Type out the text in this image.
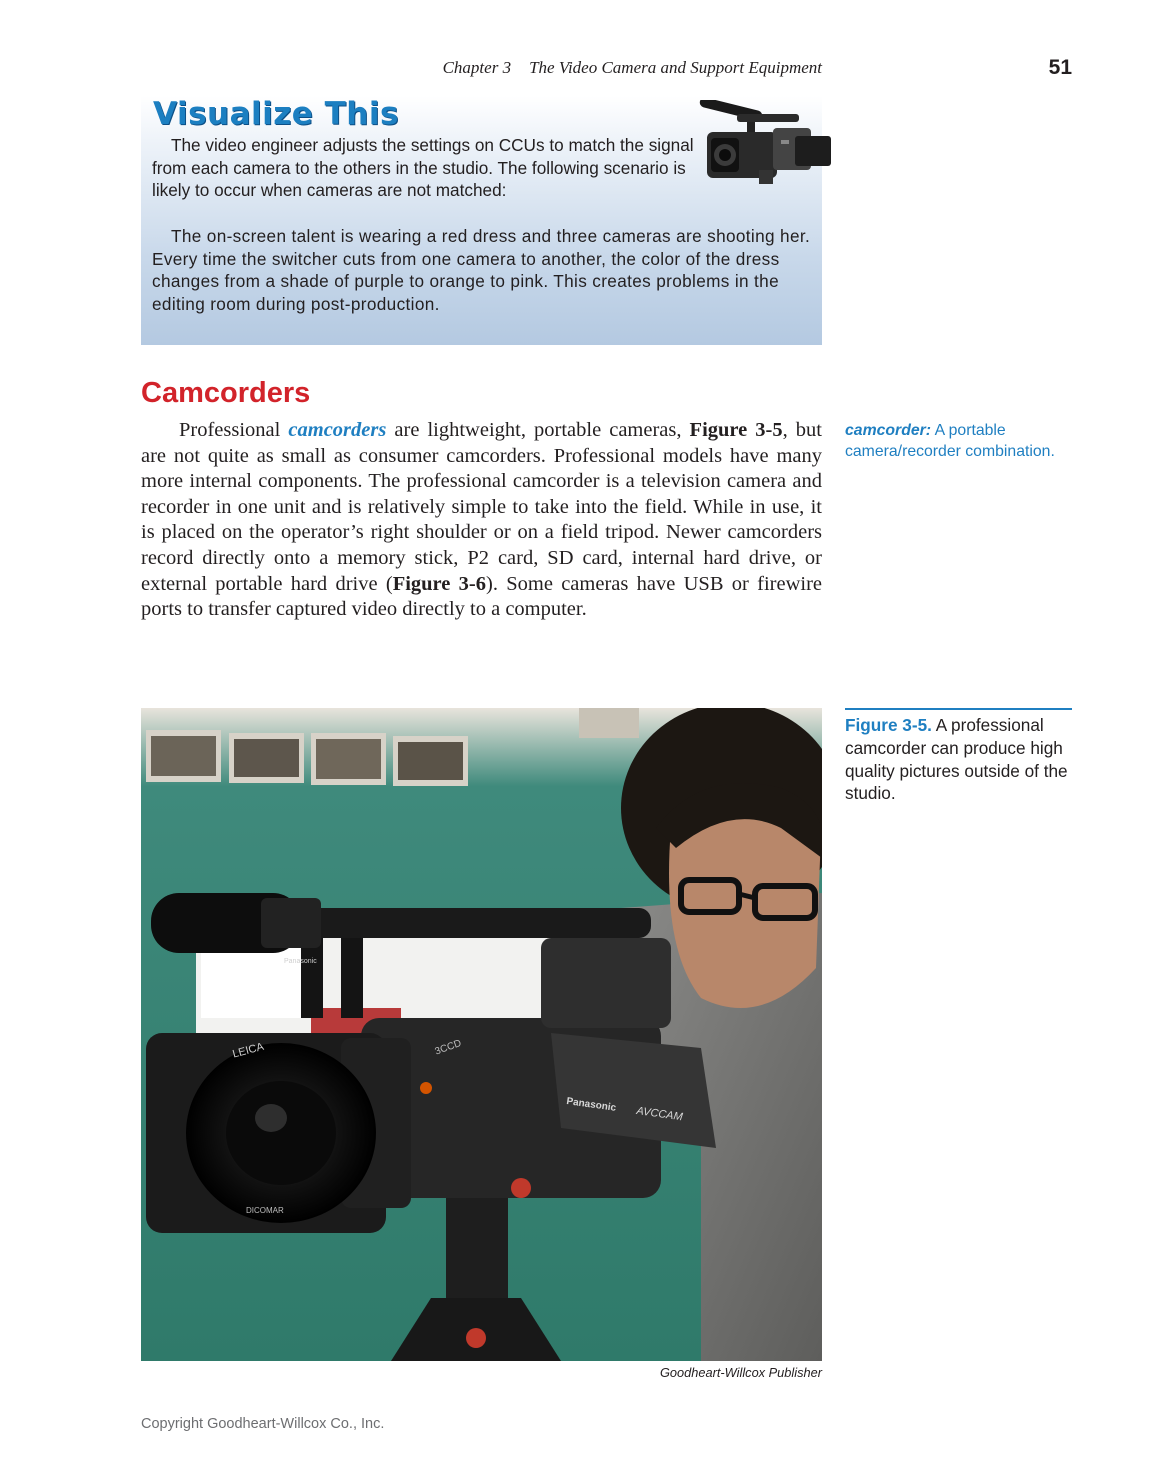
Chapter 3 The Video Camera and Support Equipment	51
Visualize This

The video engineer adjusts the settings on CCUs to match the signal from each camera to the others in the studio. The following scenario is likely to occur when cameras are not matched:

The on-screen talent is wearing a red dress and three cameras are shooting her. Every time the switcher cuts from one camera to another, the color of the dress changes from a shade of purple to orange to pink. This creates problems in the editing room during post-production.

Camcorders

Professional camcorders are lightweight, portable cameras, Figure 3-5, but are not quite as small as consumer camcorders. Professional models have many more internal components. The professional camcorder is a television camera and recorder in one unit and is relatively simple to take into the field. While in use, it is placed on the operator’s right shoulder or on a field tripod. Newer camcorders record directly onto a memory stick, P2 card, SD card, internal hard drive, or external portable hard drive (Figure 3-6). Some cameras have USB or firewire ports to transfer captured video directly to a computer.

camcorder: A portable camera/recorder combination.
Figure 3-5. A professional camcorder can produce high quality pictures outside of the studio.
LEICA
DICOMAR
3CCD
Panasonic
AVCCAM
Panasonic
Goodheart-Willcox Publisher
Copyright Goodheart-Willcox Co., Inc.
